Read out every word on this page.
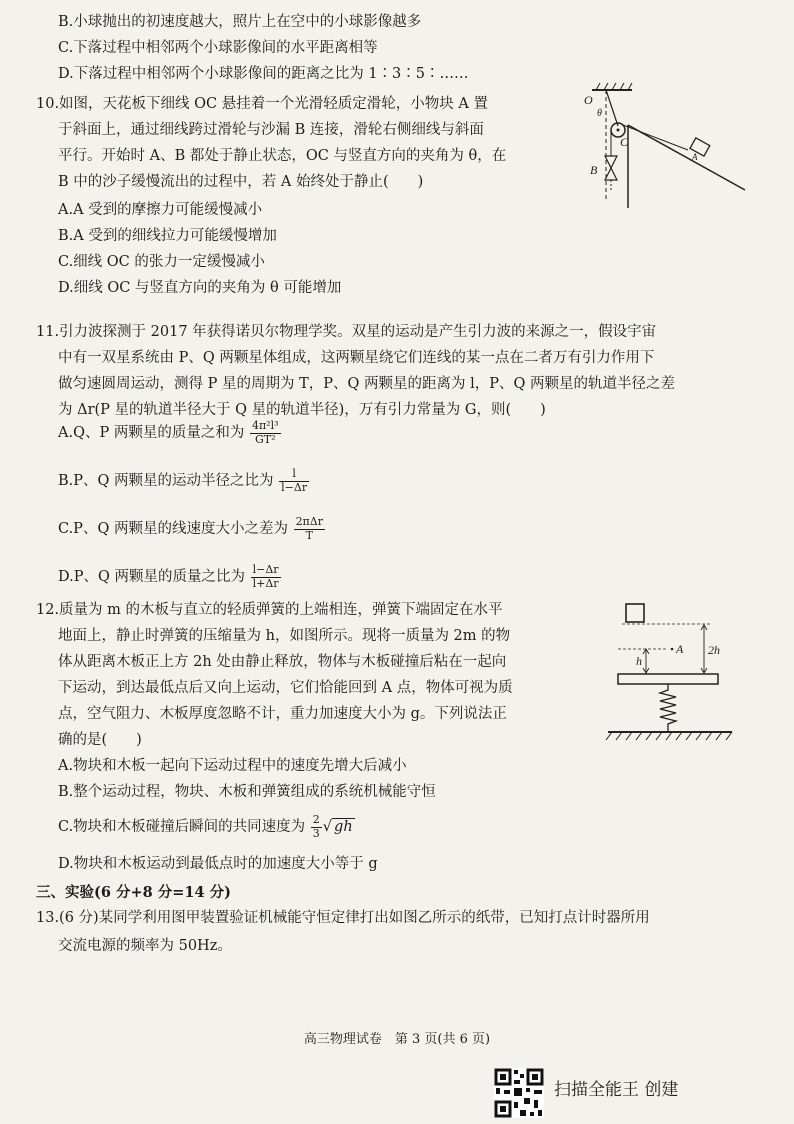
B.小球抛出的初速度越大，照片上在空中的小球影像越多
C.下落过程中相邻两个小球影像间的水平距离相等
D.下落过程中相邻两个小球影像间的距离之比为 1∶3∶5∶……
10.如图，天花板下细线 OC 悬挂着一个光滑轻质定滑轮，小物块 A 置
于斜面上，通过细线跨过滑轮与沙漏 B 连接，滑轮右侧细线与斜面
平行。开始时 A、B 都处于静止状态，OC 与竖直方向的夹角为 θ，在
B 中的沙子缓慢流出的过程中，若 A 始终处于静止(　　)
A.A 受到的摩擦力可能缓慢减小
B.A 受到的细线拉力可能缓慢增加
C.细线 OC 的张力一定缓慢减小
D.细线 OC 与竖直方向的夹角为 θ 可能增加
O
θ
C
B
A
11.引力波探测于 2017 年获得诺贝尔物理学奖。双星的运动是产生引力波的来源之一，假设宇宙
中有一双星系统由 P、Q 两颗星体组成，这两颗星绕它们连线的某一点在二者万有引力作用下
做匀速圆周运动，测得 P 星的周期为 T，P、Q 两颗星的距离为 l，P、Q 两颗星的轨道半径之差
为 Δr(P 星的轨道半径大于 Q 星的轨道半径)，万有引力常量为 G，则(　　)
A.Q、P 两颗星的质量之和为 $\frac{\text{4π²l³}}{\text{GT²}}$
B.P、Q 两颗星的运动半径之比为 $\frac{l}{l-\Delta r}$
C.P、Q 两颗星的线速度大小之差为 $\frac{\text{2πΔr}}{T}$
D.P、Q 两颗星的质量之比为 $\frac{l-\Delta r}{l+\Delta r}$
12.质量为 m 的木板与直立的轻质弹簧的上端相连，弹簧下端固定在水平
地面上，静止时弹簧的压缩量为 h，如图所示。现将一质量为 2m 的物
体从距离木板正上方 2h 处由静止释放，物体与木板碰撞后粘在一起向
下运动，到达最低点后又向上运动，它们恰能回到 A 点，物体可视为质
点，空气阻力、木板厚度忽略不计，重力加速度大小为 g。下列说法正
确的是(　　)
A.物块和木板一起向下运动过程中的速度先增大后减小
B.整个运动过程，物块、木板和弹簧组成的系统机械能守恒
C.物块和木板碰撞后瞬间的共同速度为 $\frac{2}{3}$ √ gh
D.物块和木板运动到最低点时的加速度大小等于 g
h
A 2h
三、实验(6 分+8 分=14 分)
13.(6 分)某同学利用图甲装置验证机械能守恒定律打出如图乙所示的纸带，已知打点计时器所用
交流电源的频率为 50Hz。
高三物理试卷　第 3 页(共 6 页)
扫描全能王 创建
